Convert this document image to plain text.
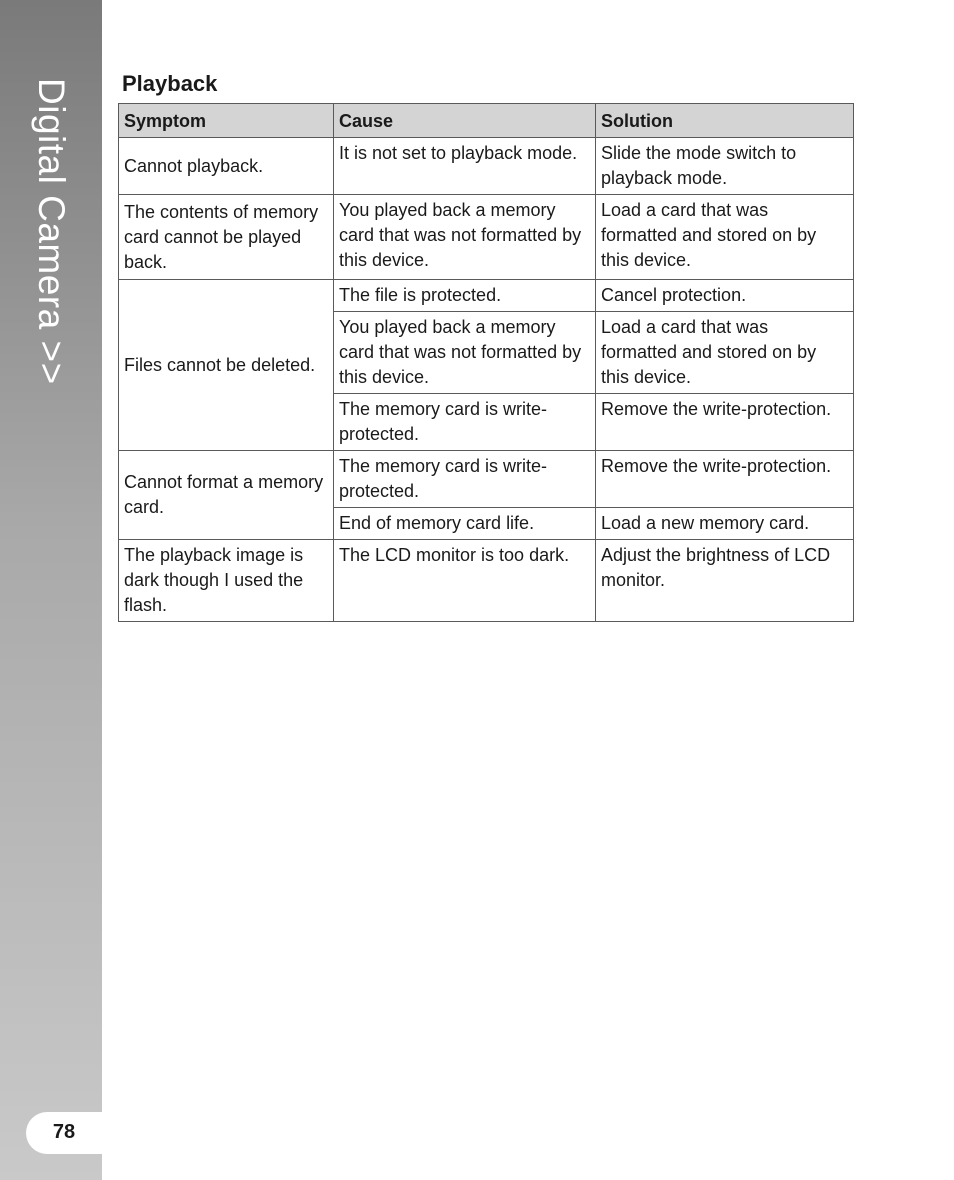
Digital Camera >>
78
Playback
Symptom	Cause	Solution
Cannot playback.	It is not set to playback mode.	Slide the mode switch to playback mode.
The contents of memory card cannot be played back.	You played back a memory card that was not formatted by this device.	Load a card that was formatted and stored on by this device.
Files cannot be deleted.	The file is protected.	Cancel protection.
	You played back a memory card that was not formatted by this device.	Load a card that was formatted and stored on by this device.
	The memory card is write-protected.	Remove the write-protection.
Cannot format a memory card.	The memory card is write-protected.	Remove the write-protection.
	End of memory card life.	Load a new memory card.
The playback image is dark though I used the flash.	The LCD monitor is too dark.	Adjust the brightness of LCD monitor.
